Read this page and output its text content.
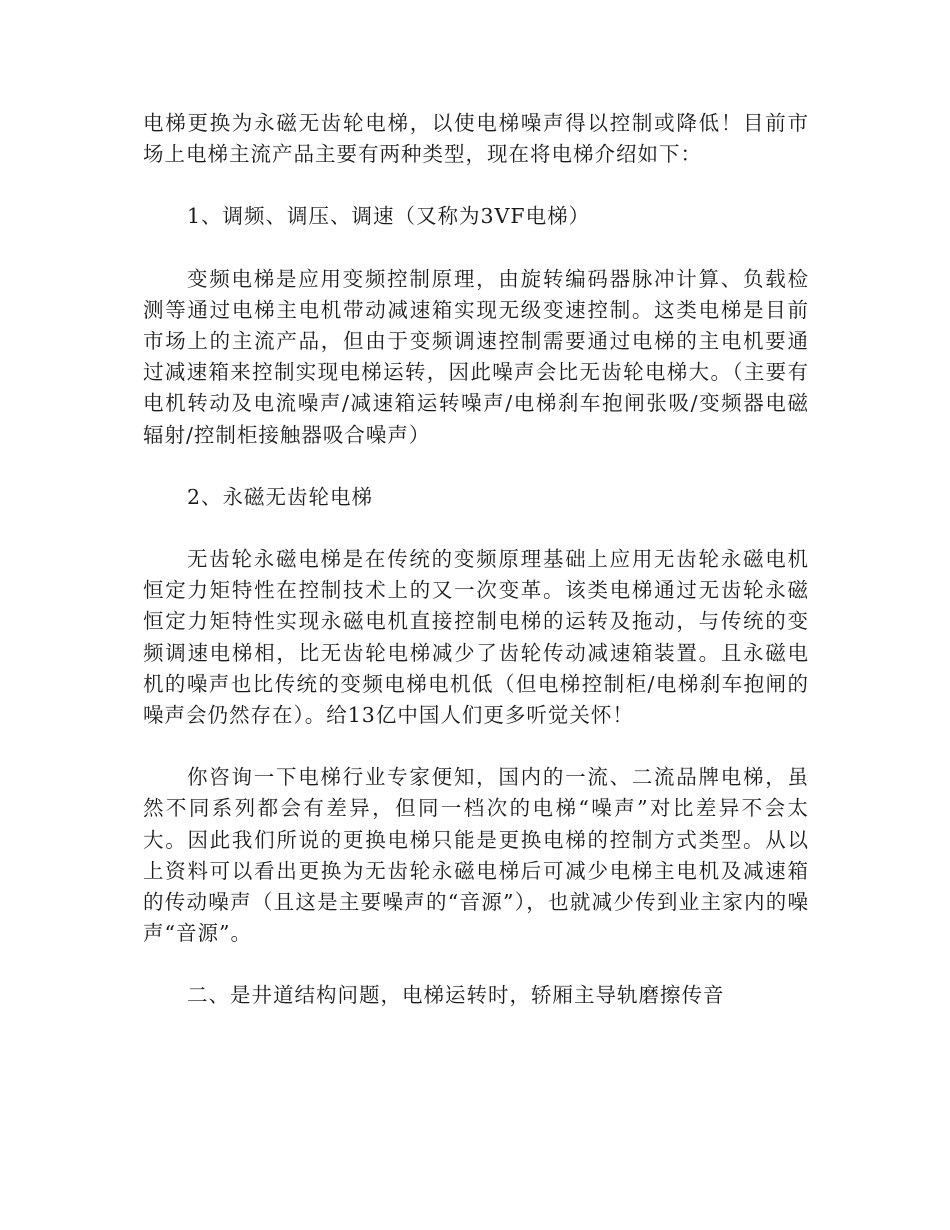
电梯更换为永磁无齿轮电梯，以使电梯噪声得以控制或降低！目前市场上电梯主流产品主要有两种类型，现在将电梯介绍如下：

1、调频、调压、调速（又称为3VF电梯）

变频电梯是应用变频控制原理，由旋转编码器脉冲计算、负载检测等通过电梯主电机带动减速箱实现无级变速控制。这类电梯是目前市场上的主流产品，但由于变频调速控制需要通过电梯的主电机要通过减速箱来控制实现电梯运转，因此噪声会比无齿轮电梯大。（主要有电机转动及电流噪声/减速箱运转噪声/电梯刹车抱闸张吸/变频器电磁辐射/控制柜接触器吸合噪声）

2、永磁无齿轮电梯

无齿轮永磁电梯是在传统的变频原理基础上应用无齿轮永磁电机恒定力矩特性在控制技术上的又一次变革。该类电梯通过无齿轮永磁恒定力矩特性实现永磁电机直接控制电梯的运转及拖动，与传统的变频调速电梯相，比无齿轮电梯减少了齿轮传动减速箱装置。且永磁电机的噪声也比传统的变频电梯电机低（但电梯控制柜/电梯刹车抱闸的噪声会仍然存在）。给13亿中国人们更多听觉关怀！

你咨询一下电梯行业专家便知，国内的一流、二流品牌电梯，虽然不同系列都会有差异，但同一档次的电梯“噪声”对比差异不会太大。因此我们所说的更换电梯只能是更换电梯的控制方式类型。从以上资料可以看出更换为无齿轮永磁电梯后可减少电梯主电机及减速箱的传动噪声（且这是主要噪声的“音源”），也就减少传到业主家内的噪声“音源”。

二、是井道结构问题，电梯运转时，轿厢主导轨磨擦传音
